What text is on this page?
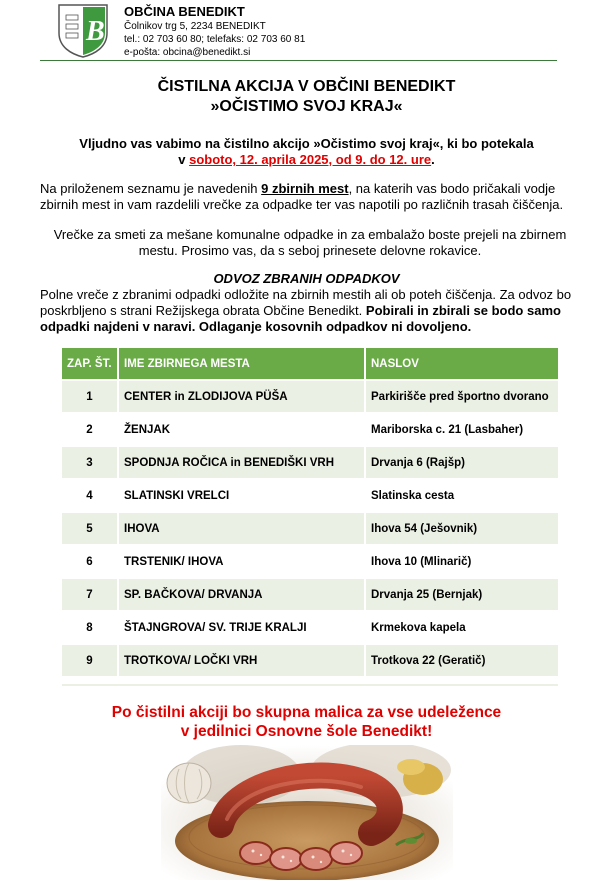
B
OBČINA BENEDIKT
Čolnikov trg 5, 2234 BENEDIKT
tel.: 02 703 60 80; telefaks: 02 703 60 81
e-pošta: obcina@benedikt.si
ČISTILNA AKCIJA V OBČINI BENEDIKT
»OČISTIMO SVOJ KRAJ«
Vljudno vas vabimo na čistilno akcijo »Očistimo svoj kraj«, ki bo potekala
v soboto, 12. aprila 2025, od 9. do 12. ure.
Na priloženem seznamu je navedenih 9 zbirnih mest, na katerih vas bodo pričakali vodje zbirnih mest in vam razdelili vrečke za odpadke ter vas napotili po različnih trasah čiščenja.
Vrečke za smeti za mešane komunalne odpadke in za embalažo boste prejeli na zbirnem mestu. Prosimo vas, da s seboj prinesete delovne rokavice.
ODVOZ ZBRANIH ODPADKOV
Polne vreče z zbranimi odpadki odložite na zbirnih mestih ali ob poteh čiščenja. Za odvoz bo poskrbljeno s strani Režijskega obrata Občine Benedikt. Pobirali in zbirali se bodo samo odpadki najdeni v naravi. Odlaganje kosovnih odpadkov ni dovoljeno.
ZAP. ŠT.	IME ZBIRNEGA MESTA	NASLOV
1	CENTER in ZLODIJOVA PÜŠA	Parkirišče pred športno dvorano
2	ŽENJAK	Mariborska c. 21 (Lasbaher)
3	SPODNJA ROČICA in BENEDIŠKI VRH	Drvanja 6 (Rajšp)
4	SLATINSKI VRELCI	Slatinska cesta
5	IHOVA	Ihova 54 (Ješovnik)
6	TRSTENIK/ IHOVA	Ihova 10 (Mlinarič)
7	SP. BAČKOVA/ DRVANJA	Drvanja 25 (Bernjak)
8	ŠTAJNGROVA/ SV. TRIJE KRALJI	Krmekova kapela
9	TROTKOVA/ LOČKI VRH	Trotkova 22 (Geratič)
Po čistilni akciji bo skupna malica za vse udeležence
v jedilnici Osnovne šole Benedikt!
